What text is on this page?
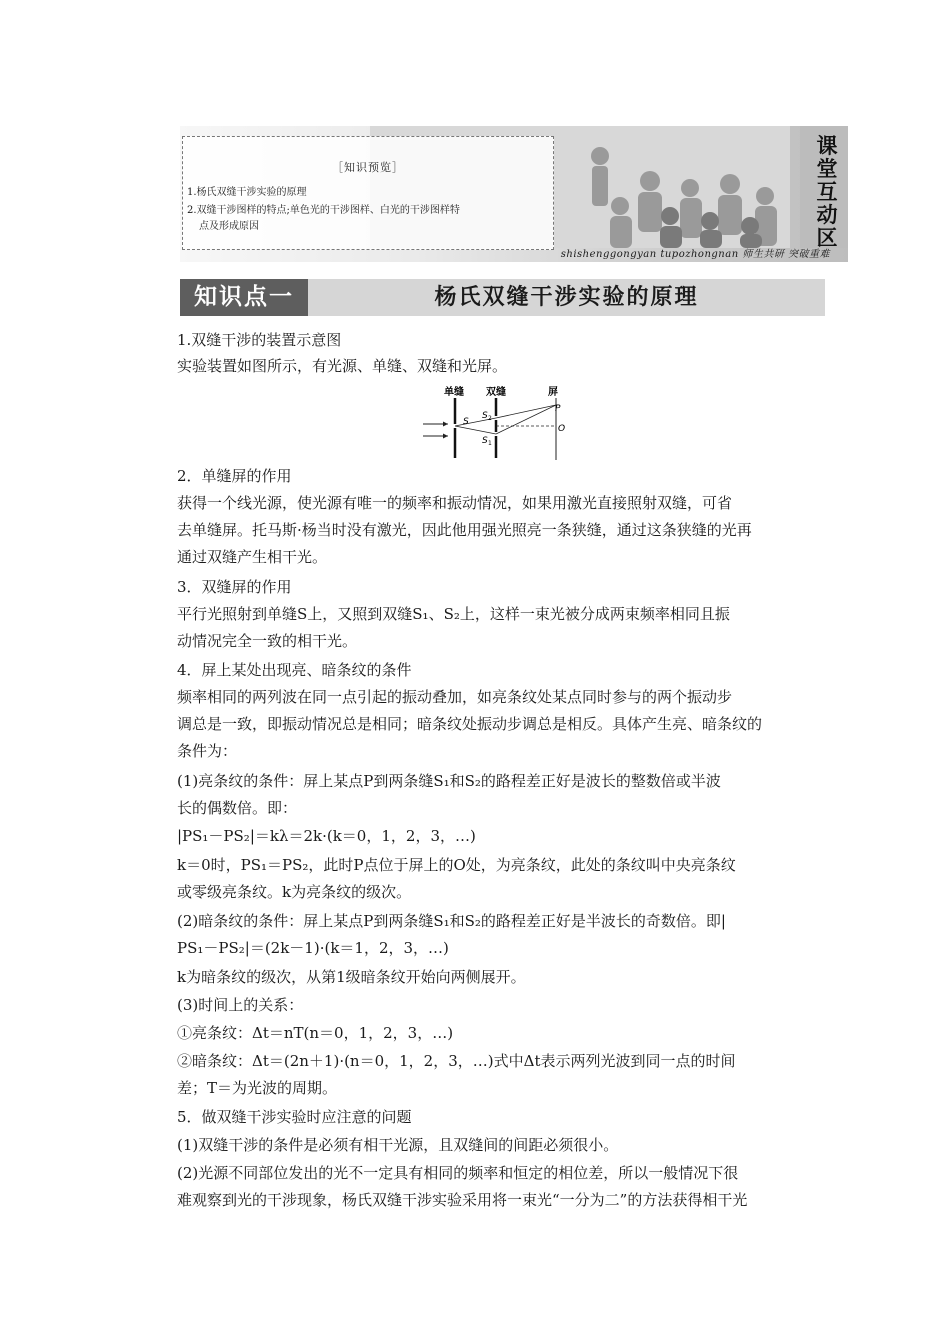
［知识预览］
1.杨氏双缝干涉实验的原理
2.双缝干涉图样的特点;单色光的干涉图样、白光的干涉图样特
点及形成原因
课
堂
互
动
区
shishenggongyan tupozhongnan 师生共研 突破重难
知识点一	杨氏双缝干涉实验的原理
1.双缝干涉的装置示意图
实验装置如图所示，有光源、单缝、双缝和光屏。
单缝 双缝	屏
S
S 2
S 1
P
O
2．单缝屏的作用
获得一个线光源，使光源有唯一的频率和振动情况，如果用激光直接照射双缝，可省
去单缝屏。托马斯·杨当时没有激光，因此他用强光照亮一条狭缝，通过这条狭缝的光再
通过双缝产生相干光。
3．双缝屏的作用
平行光照射到单缝S上，又照到双缝S₁、S₂上，这样一束光被分成两束频率相同且振
动情况完全一致的相干光。
4．屏上某处出现亮、暗条纹的条件
频率相同的两列波在同一点引起的振动叠加，如亮条纹处某点同时参与的两个振动步
调总是一致，即振动情况总是相同；暗条纹处振动步调总是相反。具体产生亮、暗条纹的
条件为：
(1)亮条纹的条件：屏上某点P到两条缝S₁和S₂的路程差正好是波长的整数倍或半波
长的偶数倍。即：
|PS₁－PS₂|＝kλ＝2k·(k＝0，1，2，3，…)
k＝0时，PS₁＝PS₂，此时P点位于屏上的O处，为亮条纹，此处的条纹叫中央亮条纹
或零级亮条纹。k为亮条纹的级次。
(2)暗条纹的条件：屏上某点P到两条缝S₁和S₂的路程差正好是半波长的奇数倍。即|
PS₁－PS₂|＝(2k－1)·(k＝1，2，3，…)
k为暗条纹的级次，从第1级暗条纹开始向两侧展开。
(3)时间上的关系：
①亮条纹：Δt＝nT(n＝0，1，2，3，…)
②暗条纹：Δt＝(2n＋1)·(n＝0，1，2，3，…)式中Δt表示两列光波到同一点的时间
差；T＝为光波的周期。
5．做双缝干涉实验时应注意的问题
(1)双缝干涉的条件是必须有相干光源，且双缝间的间距必须很小。
(2)光源不同部位发出的光不一定具有相同的频率和恒定的相位差，所以一般情况下很
难观察到光的干涉现象，杨氏双缝干涉实验采用将一束光“一分为二”的方法获得相干光
